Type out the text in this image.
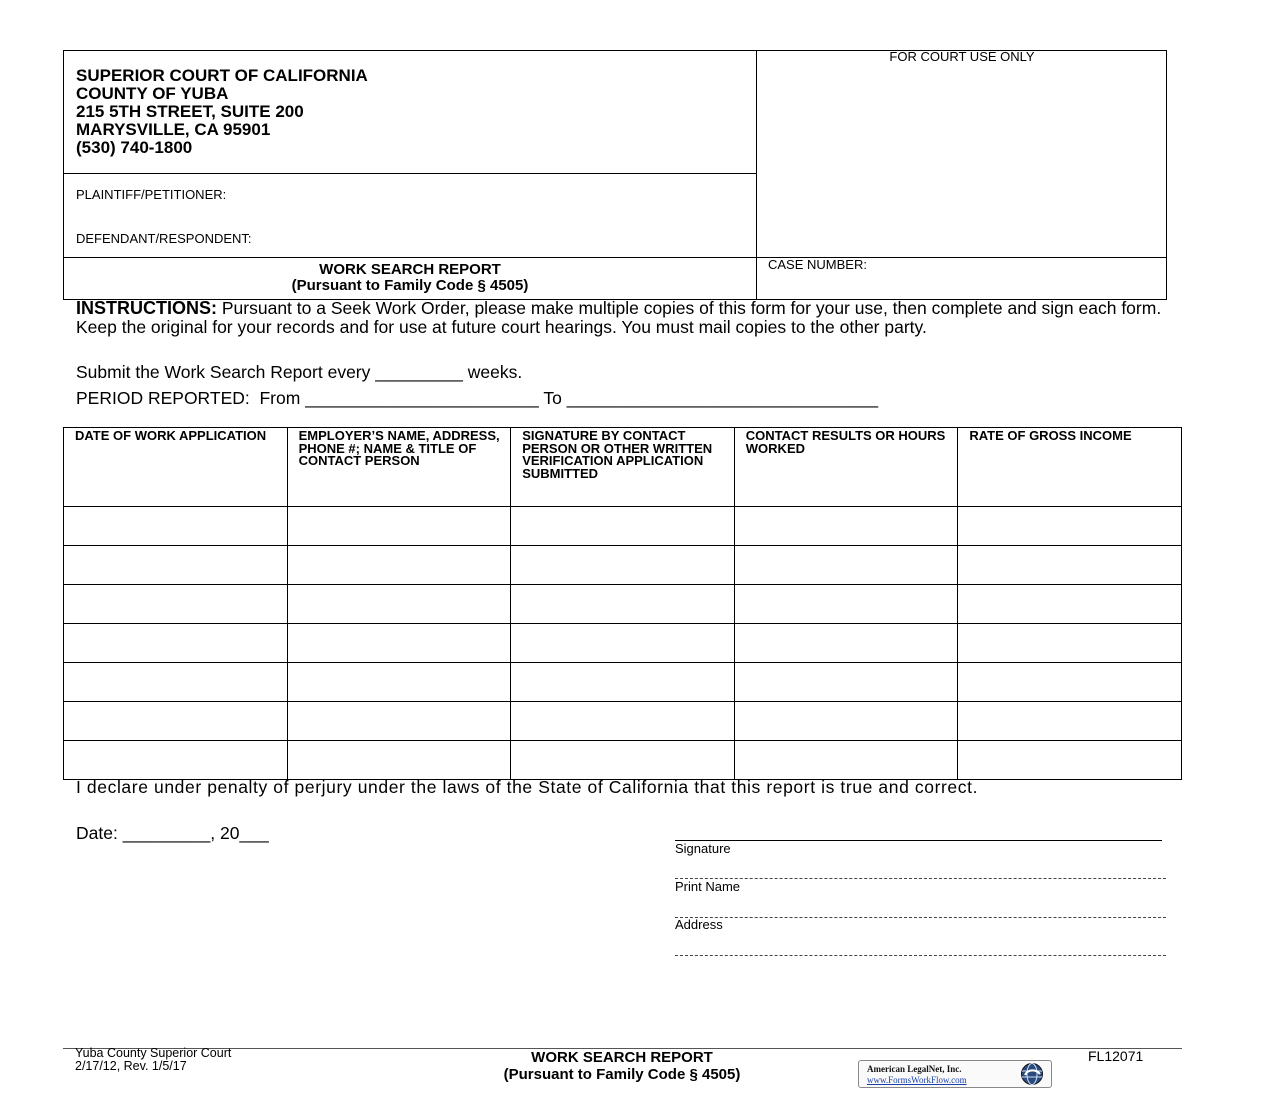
SUPERIOR COURT OF CALIFORNIA
COUNTY OF YUBA
215 5TH STREET, SUITE 200
MARYSVILLE, CA 95901
(530) 740-1800
FOR COURT USE ONLY
PLAINTIFF/PETITIONER:
DEFENDANT/RESPONDENT:
WORK SEARCH REPORT
(Pursuant to Family Code § 4505)
CASE NUMBER:
INSTRUCTIONS: Pursuant to a Seek Work Order, please make multiple copies of this form for your use, then complete and sign each form. Keep the original for your records and for use at future court hearings. You must mail copies to the other party.
Submit the Work Search Report every _________ weeks.
PERIOD REPORTED: From ________________________ To ________________________________
DATE OF WORK APPLICATION	EMPLOYER’S NAME, ADDRESS, PHONE #; NAME & TITLE OF CONTACT PERSON	SIGNATURE BY CONTACT PERSON OR OTHER WRITTEN VERIFICATION APPLICATION SUBMITTED	CONTACT RESULTS OR HOURS WORKED	RATE OF GROSS INCOME

I declare under penalty of perjury under the laws of the State of California that this report is true and correct.
Date: _________, 20___
Signature
Print Name
Address
Yuba County Superior Court
2/17/12, Rev. 1/5/17	WORK SEARCH REPORT
(Pursuant to Family Code § 4505)
FL12071
American LegalNet, Inc.
www.FormsWorkFlow.com
